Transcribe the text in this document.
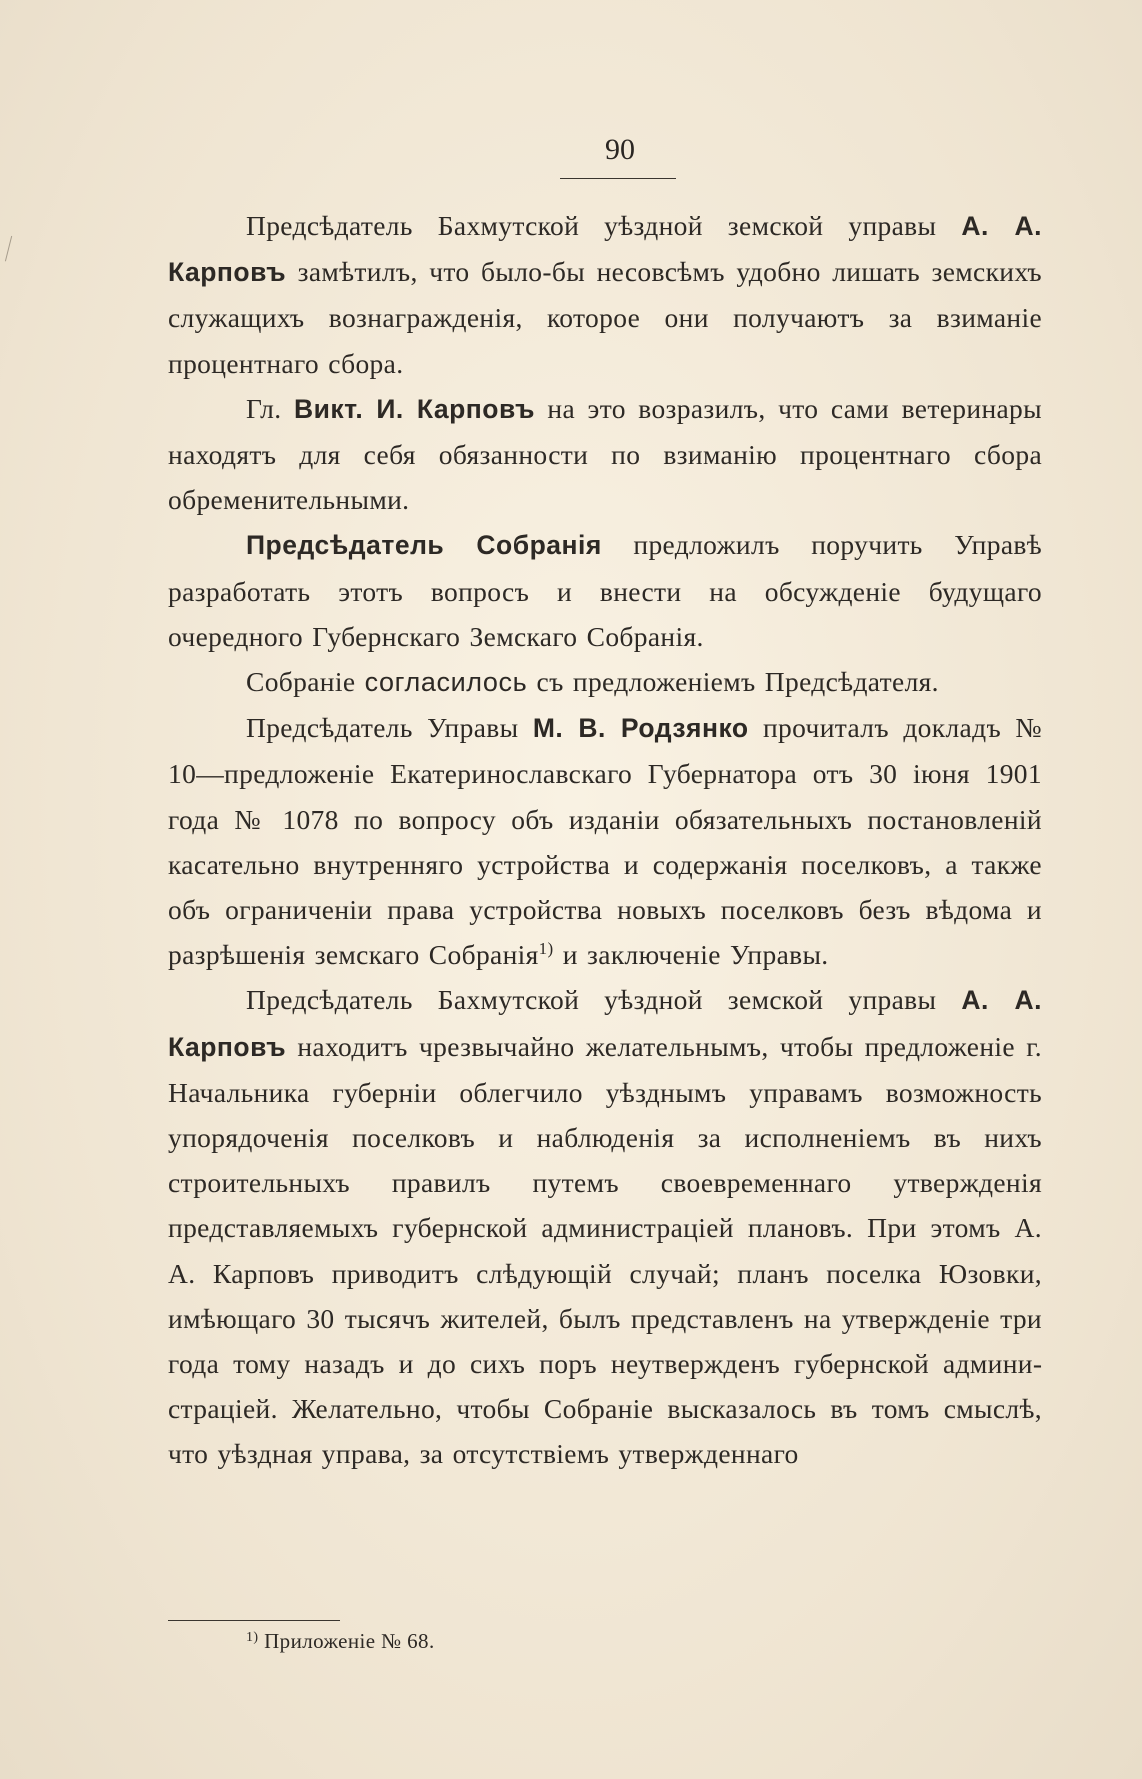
90

Предсѣдатель Бахмутской уѣздной земской управы А. А. Карповъ замѣтилъ, что было-бы несовсѣмъ удобно лишать земскихъ служащихъ вознагражденія, которое они получаютъ за взиманіе процентнаго сбора.

Гл. Викт. И. Карповъ на это возразилъ, что сами ветеринары находятъ для себя обязанности по взиманію процентнаго сбора обременительными.

Предсѣдатель Собранія предложилъ поручить Управѣ разработать этотъ вопросъ и внести на обсужденіе будущаго очередного Губернскаго Земскаго Собранія.

Собраніе согласилось съ предложеніемъ Предсѣдателя.

Предсѣдатель Управы М. В. Родзянко прочиталъ докладъ № 10—предложеніе Екатеринославскаго Губернатора отъ 30 іюня 1901 года № 1078 по вопросу объ изданіи обязательныхъ постановленій касательно внутренняго устройства и содержанія поселковъ, а также объ ограниченіи права устройства новыхъ поселковъ безъ вѣдома и разрѣшенія земскаго Собранія$^{1)}$ и заключеніе Управы.

Предсѣдатель Бахмутской уѣздной земской управы А. А. Карповъ находитъ чрезвычайно желательнымъ, чтобы предложеніе г. Начальника губерніи облегчило уѣзднымъ управамъ возможность упорядоченія поселковъ и наблюденія за исполненіемъ въ нихъ строительныхъ правилъ путемъ своевременнаго утвержденія представляемыхъ губернской администраціей плановъ. При этомъ А. А. Карповъ приводитъ слѣдующій случай; планъ поселка Юзовки, имѣющаго 30 тысячъ жителей, былъ представленъ на утвержденіе три года тому назадъ и до сихъ поръ неутвержденъ губернской администраціей. Желательно, чтобы Собраніе высказалось въ томъ смыслѣ, что уѣздная управа, за отсутствіемъ утвержденнаго

$^{1)}$ Приложеніе № 68.
